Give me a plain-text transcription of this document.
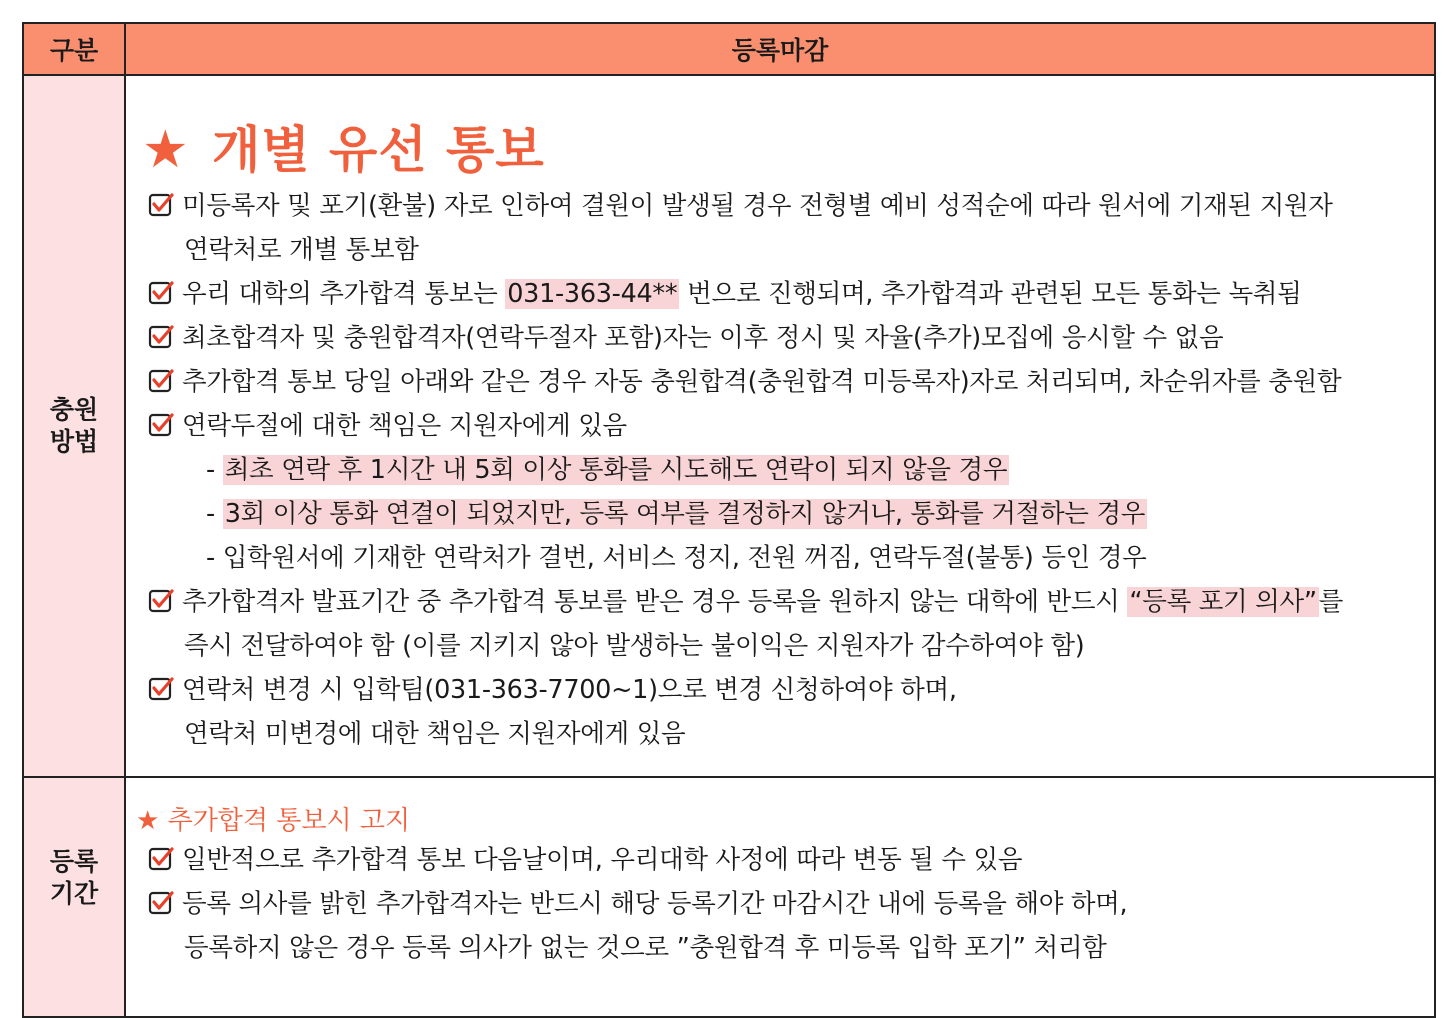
구분	등록마감
충원
방법
★ 개별 유선 통보
미등록자 및 포기(환불) 자로 인하여 결원이 발생될 경우 전형별 예비 성적순에 따라 원서에 기재된 지원자
연락처로 개별 통보함
우리 대학의 추가합격 통보는 031-363-44** 번으로 진행되며, 추가합격과 관련된 모든 통화는 녹취됨
최초합격자 및 충원합격자(연락두절자 포함)자는 이후 정시 및 자율(추가)모집에 응시할 수 없음
추가합격 통보 당일 아래와 같은 경우 자동 충원합격(충원합격 미등록자)자로 처리되며, 차순위자를 충원함
연락두절에 대한 책임은 지원자에게 있음
- 최초 연락 후 1시간 내 5회 이상 통화를 시도해도 연락이 되지 않을 경우
- 3회 이상 통화 연결이 되었지만, 등록 여부를 결정하지 않거나, 통화를 거절하는 경우
- 입학원서에 기재한 연락처가 결번, 서비스 정지, 전원 꺼짐, 연락두절(불통) 등인 경우
추가합격자 발표기간 중 추가합격 통보를 받은 경우 등록을 원하지 않는 대학에 반드시 “등록 포기 의사”를
즉시 전달하여야 함 (이를 지키지 않아 발생하는 불이익은 지원자가 감수하여야 함)
연락처 변경 시 입학팀(031-363-7700~1)으로 변경 신청하여야 하며,
연락처 미변경에 대한 책임은 지원자에게 있음
등록
기간
★ 추가합격 통보시 고지
일반적으로 추가합격 통보 다음날이며, 우리대학 사정에 따라 변동 될 수 있음
등록 의사를 밝힌 추가합격자는 반드시 해당 등록기간 마감시간 내에 등록을 해야 하며,
등록하지 않은 경우 등록 의사가 없는 것으로 ”충원합격 후 미등록 입학 포기” 처리함
